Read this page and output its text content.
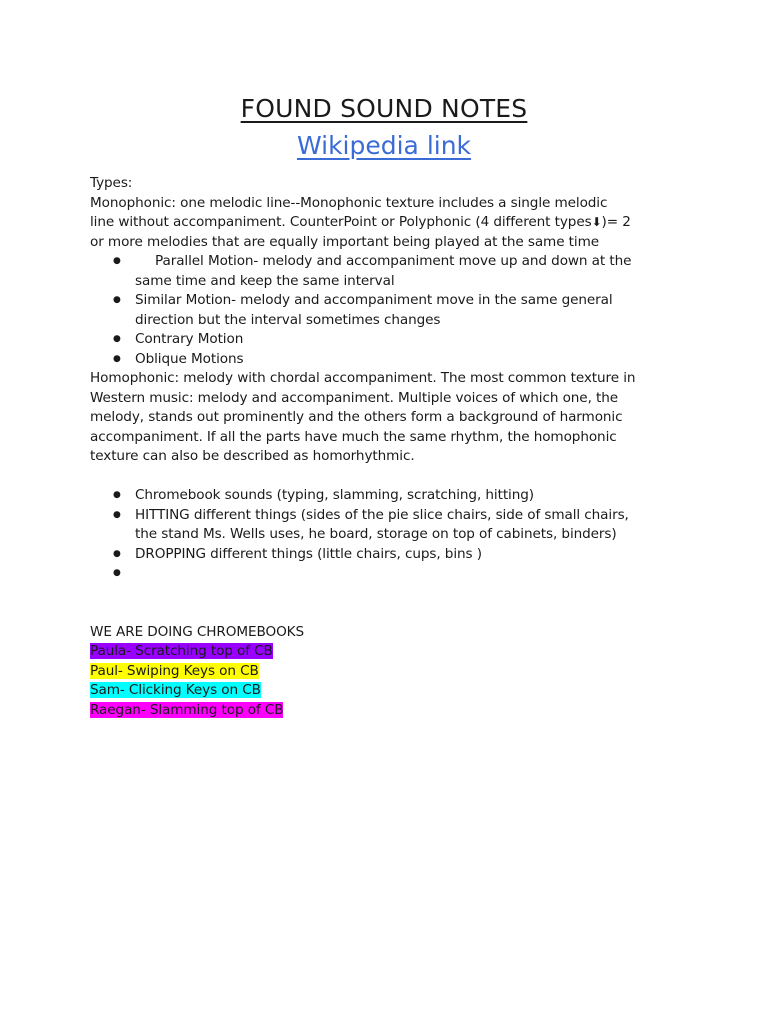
FOUND SOUND NOTES
Wikipedia link

Types:

Monophonic: one melodic line--Monophonic texture includes a single melodic

line without accompaniment. CounterPoint or Polyphonic (4 different types⬇)= 2

or more melodies that are equally important being played at the same time

●	Parallel Motion- melody and accompaniment move up and down at the

same time and keep the same interval

● Similar Motion- melody and accompaniment move in the same general

direction but the interval sometimes changes

● Contrary Motion

● Oblique Motions

Homophonic: melody with chordal accompaniment. The most common texture in

Western music: melody and accompaniment. Multiple voices of which one, the

melody, stands out prominently and the others form a background of harmonic

accompaniment. If all the parts have much the same rhythm, the homophonic

texture can also be described as homorhythmic.

● Chromebook sounds (typing, slamming, scratching, hitting)

● HITTING different things (sides of the pie slice chairs, side of small chairs,

the stand Ms. Wells uses, he board, storage on top of cabinets, binders)

● DROPPING different things (little chairs, cups, bins )

●

WE ARE DOING CHROMEBOOKS

Paula- Scratching top of CB

Paul- Swiping Keys on CB

Sam- Clicking Keys on CB

Raegan- Slamming top of CB
